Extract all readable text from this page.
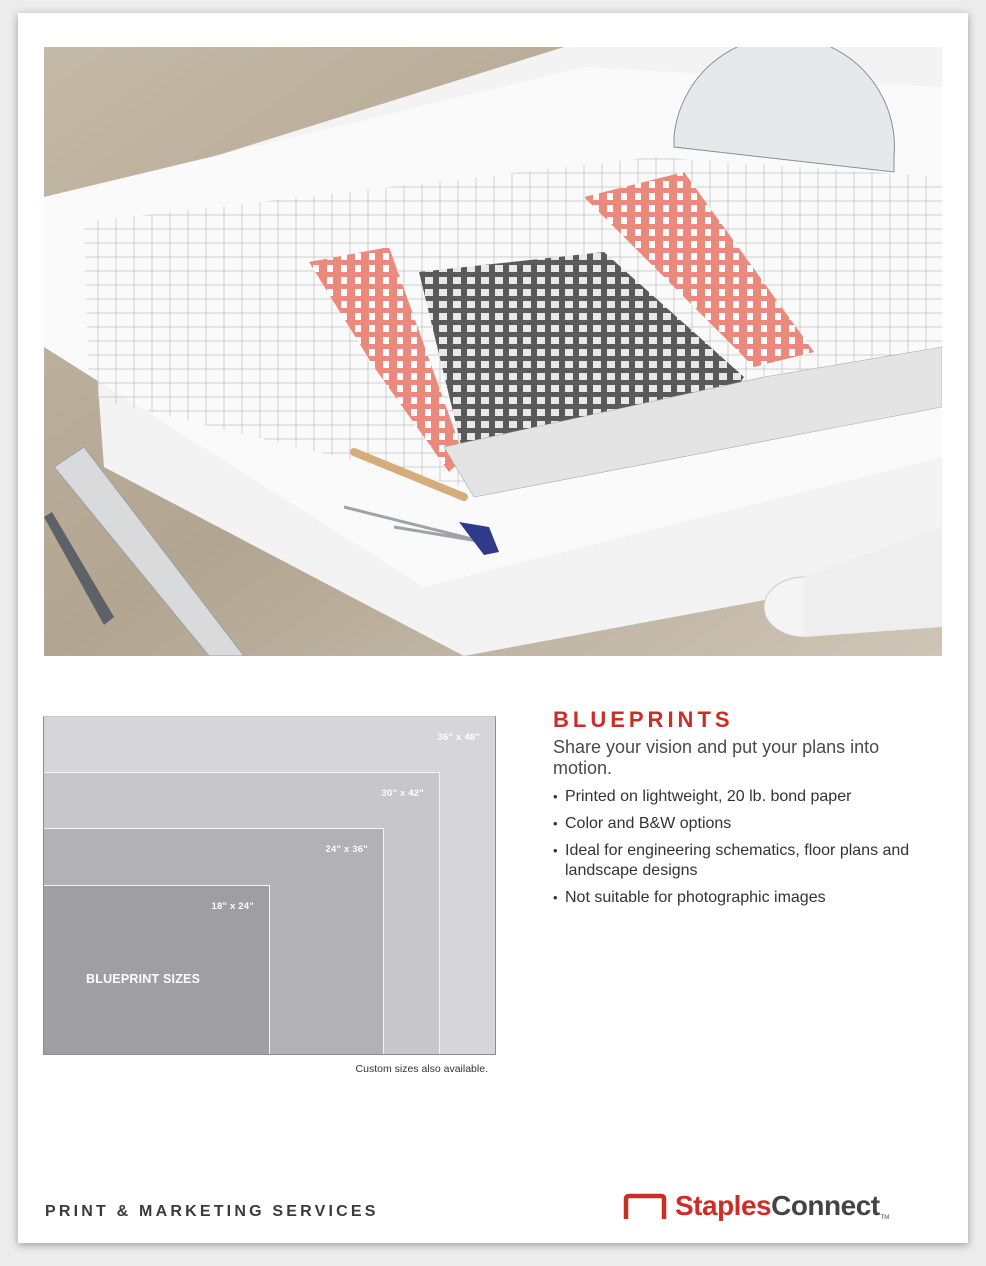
36" x 48"
30" x 42"
24" x 36"
18" x 24"
BLUEPRINT SIZES
Custom sizes also available.
BLUEPRINTS
Share your vision and put your plans into motion.
• Printed on lightweight, 20 lb. bond paper
• Color and B&W options
• Ideal for engineering schematics, floor plans and landscape designs
• Not suitable for photographic images
PRINT & MARKETING SERVICES	Staples Connect TM
